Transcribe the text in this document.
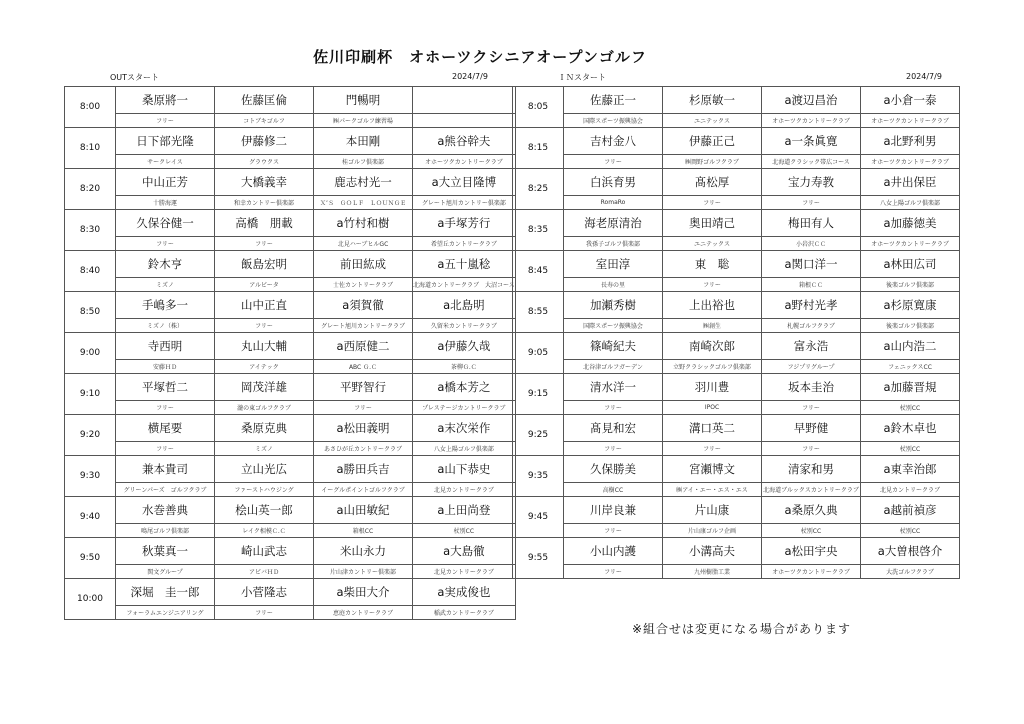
佐川印刷杯　オホーツクシニアオープンゴルフ
OUTスタート	2024/7/9	ＩＮスタート	2024/7/9
8:00	桑原將一	佐藤匡倫	門暢明	
	フリー	コトブキゴルフ	㈱パークゴルフ練習場	
8:10	日下部光隆	伊藤修二	本田剛	a熊谷幹夫
	サークレイス	グラウクス	桂ゴルフ倶楽部	オホーツクカントリークラブ
8:20	中山正芳	大橋義幸	鹿志村光一	a大立目隆博
	十勝海運	和幸カントリー倶楽部	Ｘ’Ｓ　ＧＯＬＦ　ＬＯＵＮＧＥ	グレート旭川カントリー倶楽部
8:30	久保谷健一	高橋　朋載	a竹村和樹	a手塚芳行
	フリー	フリー	北見ハーブヒルGC	希望丘カントリークラブ
8:40	鈴木亨	飯島宏明	前田紘成	a五十嵐稔
	ミズノ	アルビータ	士佐カントリークラブ	北海道カントリークラブ　大沼コース
8:50	手嶋多一	山中正直	a須賀徹	a北島明
	ミズノ（株）	フリー	グレート旭川カントリークラブ	久留米カントリークラブ
9:00	寺西明	丸山大輔	a西原健二	a伊藤久哉
	安藤ＨＤ	アイテック	ABC Ｇ.Ｃ	茶柳Ｇ.Ｃ
9:10	平塚哲二	岡茂洋雄	平野智行	a橋本芳之
	フリー	瀧の東ゴルフクラブ	フリー	プレステージカントリークラブ
9:20	横尾要	桑原克典	a松田義明	a末次栄作
	フリー	ミズノ	あさひが丘カントリークラブ	八女上陽ゴルフ倶楽部
9:30	兼本貴司	立山光広	a勝田兵吉	a山下恭史
	グリーンパーズ　ゴルフクラブ	ファーストハウジング	イーグルポイントゴルフクラブ	北見カントリークラブ
9:40	水巻善典	桧山英一郎	a山田敏紀	a上田尚登
	鳴尾ゴルフ倶楽部	レイク相模Ｃ.Ｃ	箱根CC	杖別CC
9:50	秋葉真一	崎山武志	米山永力	a大島徹
	関文グループ	アビバＨＤ	片山津カントリー倶楽部	北見カントリークラブ
10:00	深堀　圭一郎	小菅隆志	a柴田大介	a実成俊也
	フォーラムエンジニアリング	フリー	恵庭カントリークラブ	稲武カントリークラブ
8:05	佐藤正一	杉原敏一	a渡辺昌治	a小倉一泰
	国際スポーツ振興協会	ユニテックス	オホーツクカントリークラブ	オホーツクカントリークラブ
8:15	吉村金八	伊藤正己	a一条眞寛	a北野利男
	フリー	㈱岡野ゴルフクラブ	北海道クラシック帯広コース	オホーツクカントリークラブ
8:25	白浜育男	髙松厚	宝力寿教	a井出保臣
	RomaRo	フリー	フリー	八女上陽ゴルフ倶楽部
8:35	海老原清治	奥田靖己	梅田有人	a加藤徳美
	我孫子ゴルフ倶楽部	ユニテックス	小岩沢ＣＣ	オホーツクカントリークラブ
8:45	室田淳	東　聡	a関口洋一	a林田広司
	長寿の里	フリー	箱根ＣＣ	後楽ゴルフ倶楽部
8:55	加瀬秀樹	上出裕也	a野村光孝	a杉原寛康
	国際スポーツ振興協会	㈱創生	札幌ゴルフクラブ	後楽ゴルフ倶楽部
9:05	篠崎紀夫	南崎次郎	富永浩	a山内浩二
	北谷津ゴルフガーデン	立野クラシックゴルフ倶楽部	フジプリグループ	フェニックスCC
9:15	清水洋一	羽川豊	坂本圭治	a加藤晋規
	フリー	IPOC	フリー	杖別CC
9:25	髙見和宏	溝口英二	早野健	a鈴木卓也
	フリー	フリー	フリー	杖別CC
9:35	久保勝美	宮瀬博文	清家和男	a東幸治郎
	高樹CC	㈱アイ・エー・エス・エス	北海道ブルックスカントリークラブ	北見カントリークラブ
9:45	川岸良兼	片山康	a桑原久典	a越前禎彦
	フリー	片山康ゴルフ企画	杖別CC	杖別CC
9:55	小山内護	小溝高夫	a松田宇央	a大曽根啓介
	フリー	九州樹脂工業	オホーツクカントリークラブ	大洗ゴルフクラブ
※組合せは変更になる場合があります
